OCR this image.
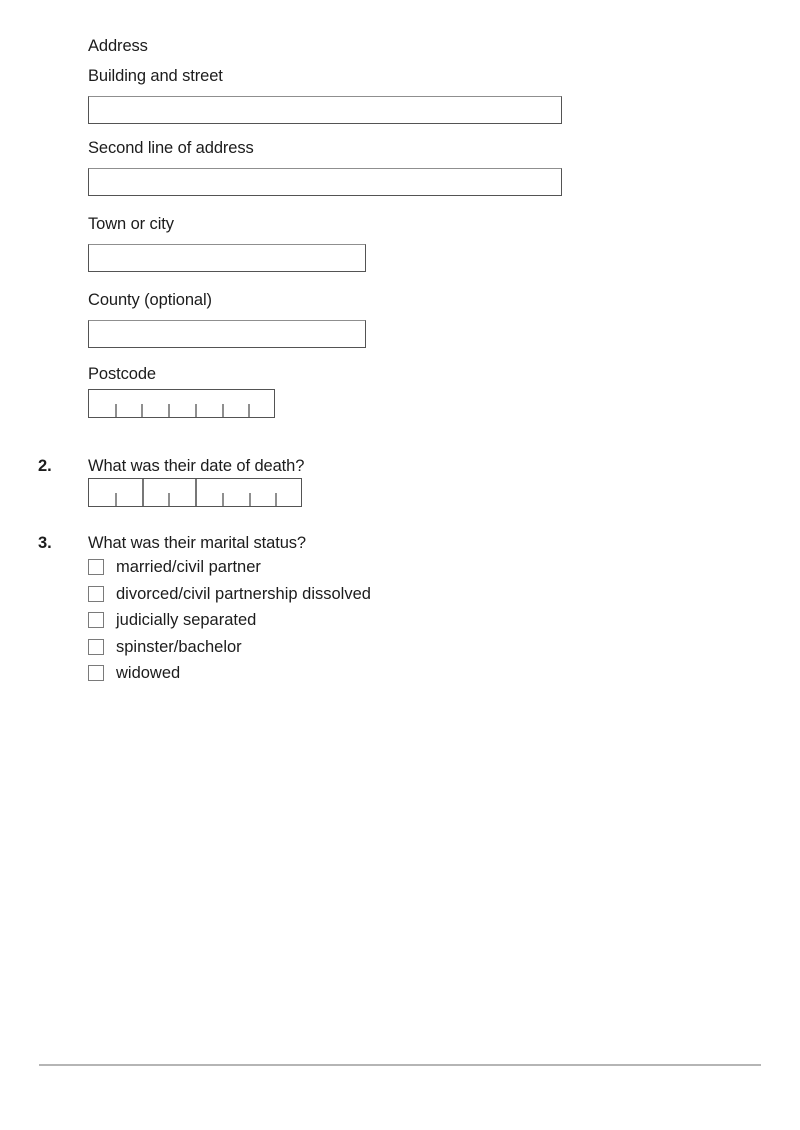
Address
Building and street
Second line of address
Town or city
County (optional)
Postcode
2. What was their date of death?
3. What was their marital status?
married/civil partner
divorced/civil partnership dissolved
judicially separated
spinster/bachelor
widowed
